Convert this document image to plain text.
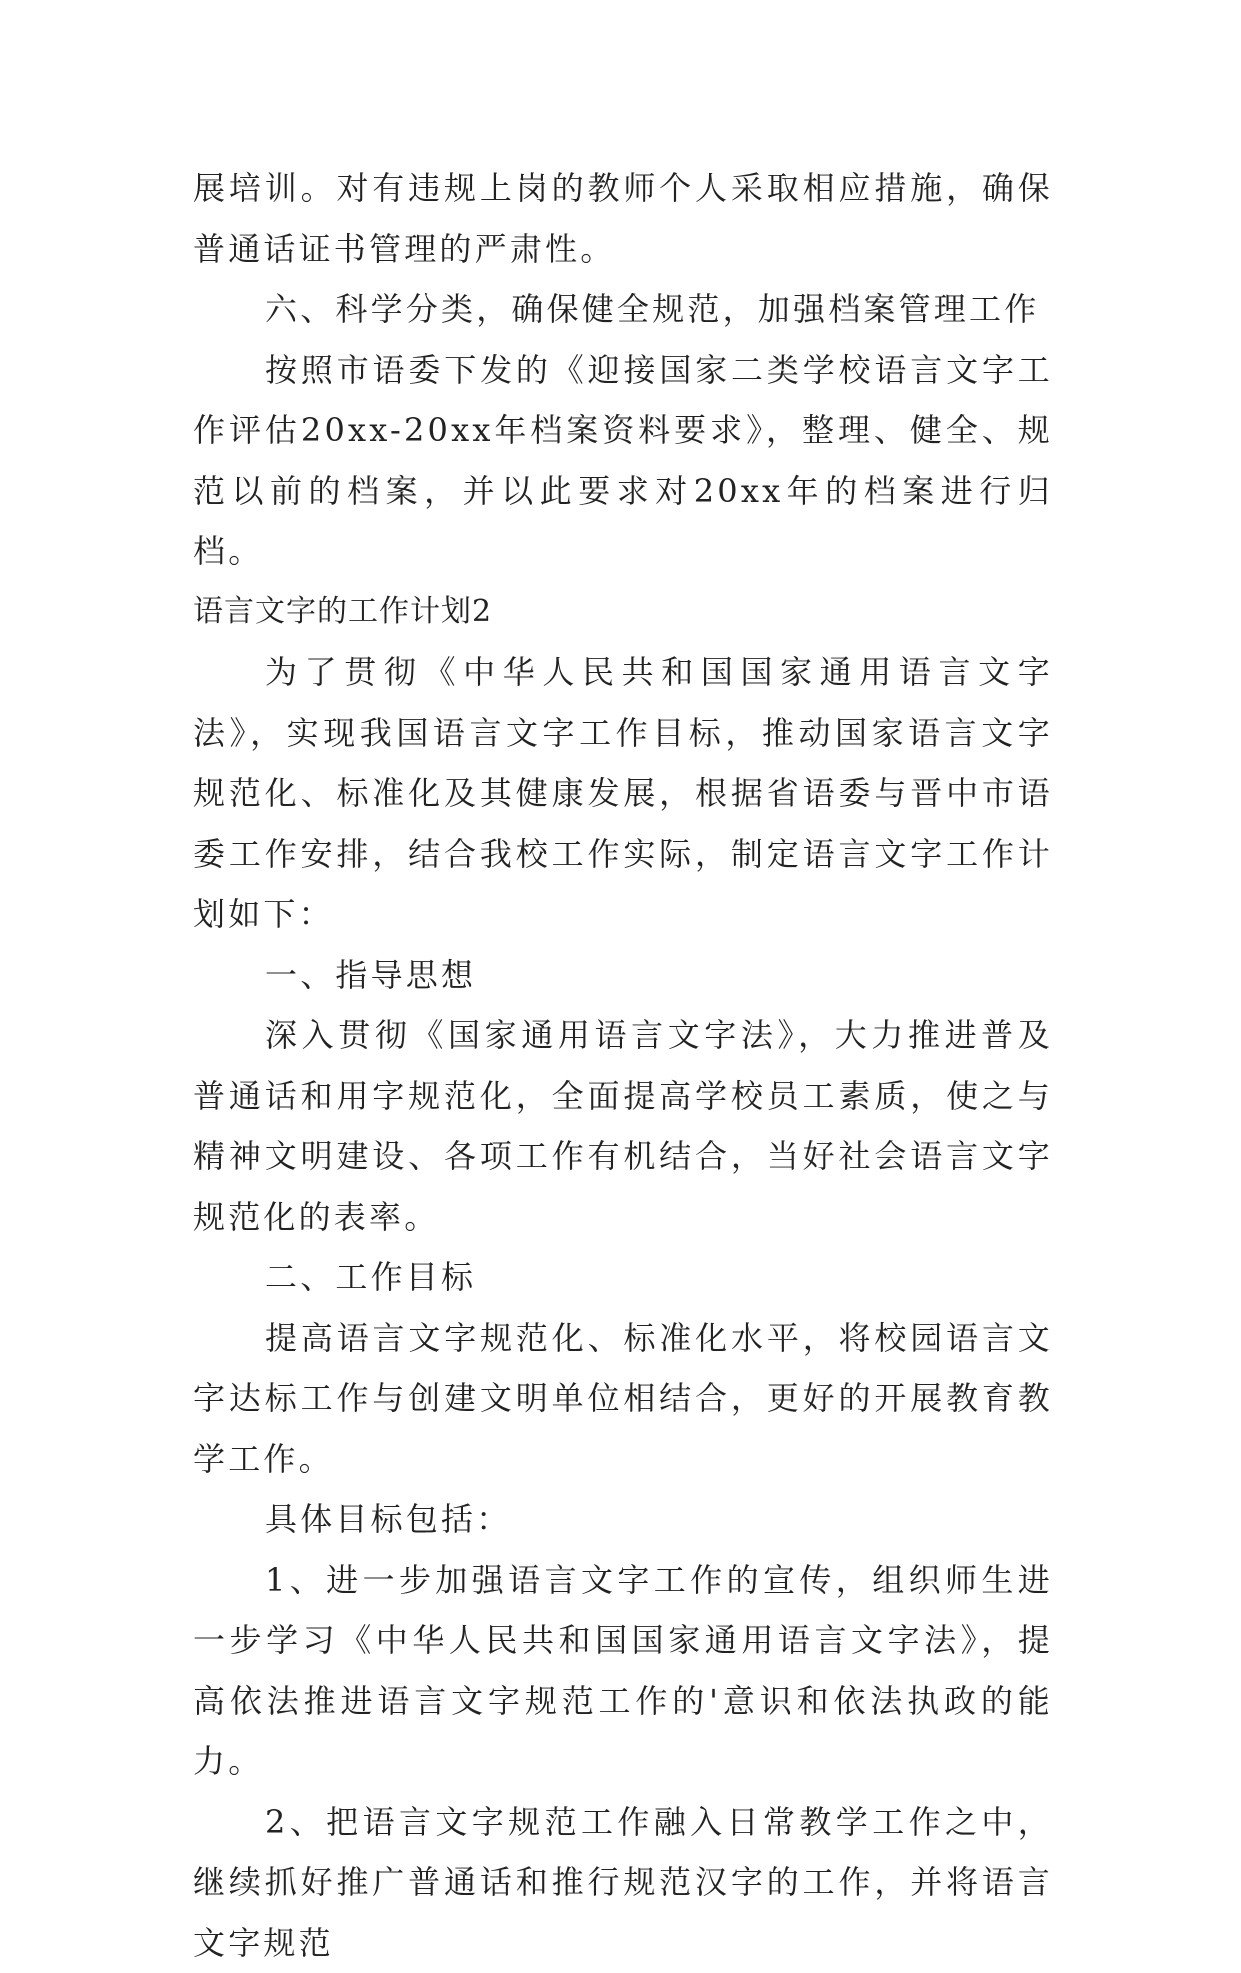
展培训。对有违规上岗的教师个人采取相应措施，确保普通话证书管理的严肃性。

六、科学分类，确保健全规范，加强档案管理工作

按照市语委下发的《迎接国家二类学校语言文字工作评估20xx-20xx年档案资料要求》，整理、健全、规范以前的档案，并以此要求对20xx年的档案进行归档。

语言文字的工作计划2

为了贯彻《中华人民共和国国家通用语言文字法》，实现我国语言文字工作目标，推动国家语言文字规范化、标准化及其健康发展，根据省语委与晋中市语委工作安排，结合我校工作实际，制定语言文字工作计划如下：

一、指导思想

深入贯彻《国家通用语言文字法》，大力推进普及普通话和用字规范化，全面提高学校员工素质，使之与精神文明建设、各项工作有机结合，当好社会语言文字规范化的表率。

二、工作目标

提高语言文字规范化、标准化水平，将校园语言文字达标工作与创建文明单位相结合，更好的开展教育教学工作。

具体目标包括：

1、进一步加强语言文字工作的宣传，组织师生进一步学习《中华人民共和国国家通用语言文字法》，提高依法推进语言文字规范工作的'意识和依法执政的能力。

2、把语言文字规范工作融入日常教学工作之中，继续抓好推广普通话和推行规范汉字的工作，并将语言文字规范
